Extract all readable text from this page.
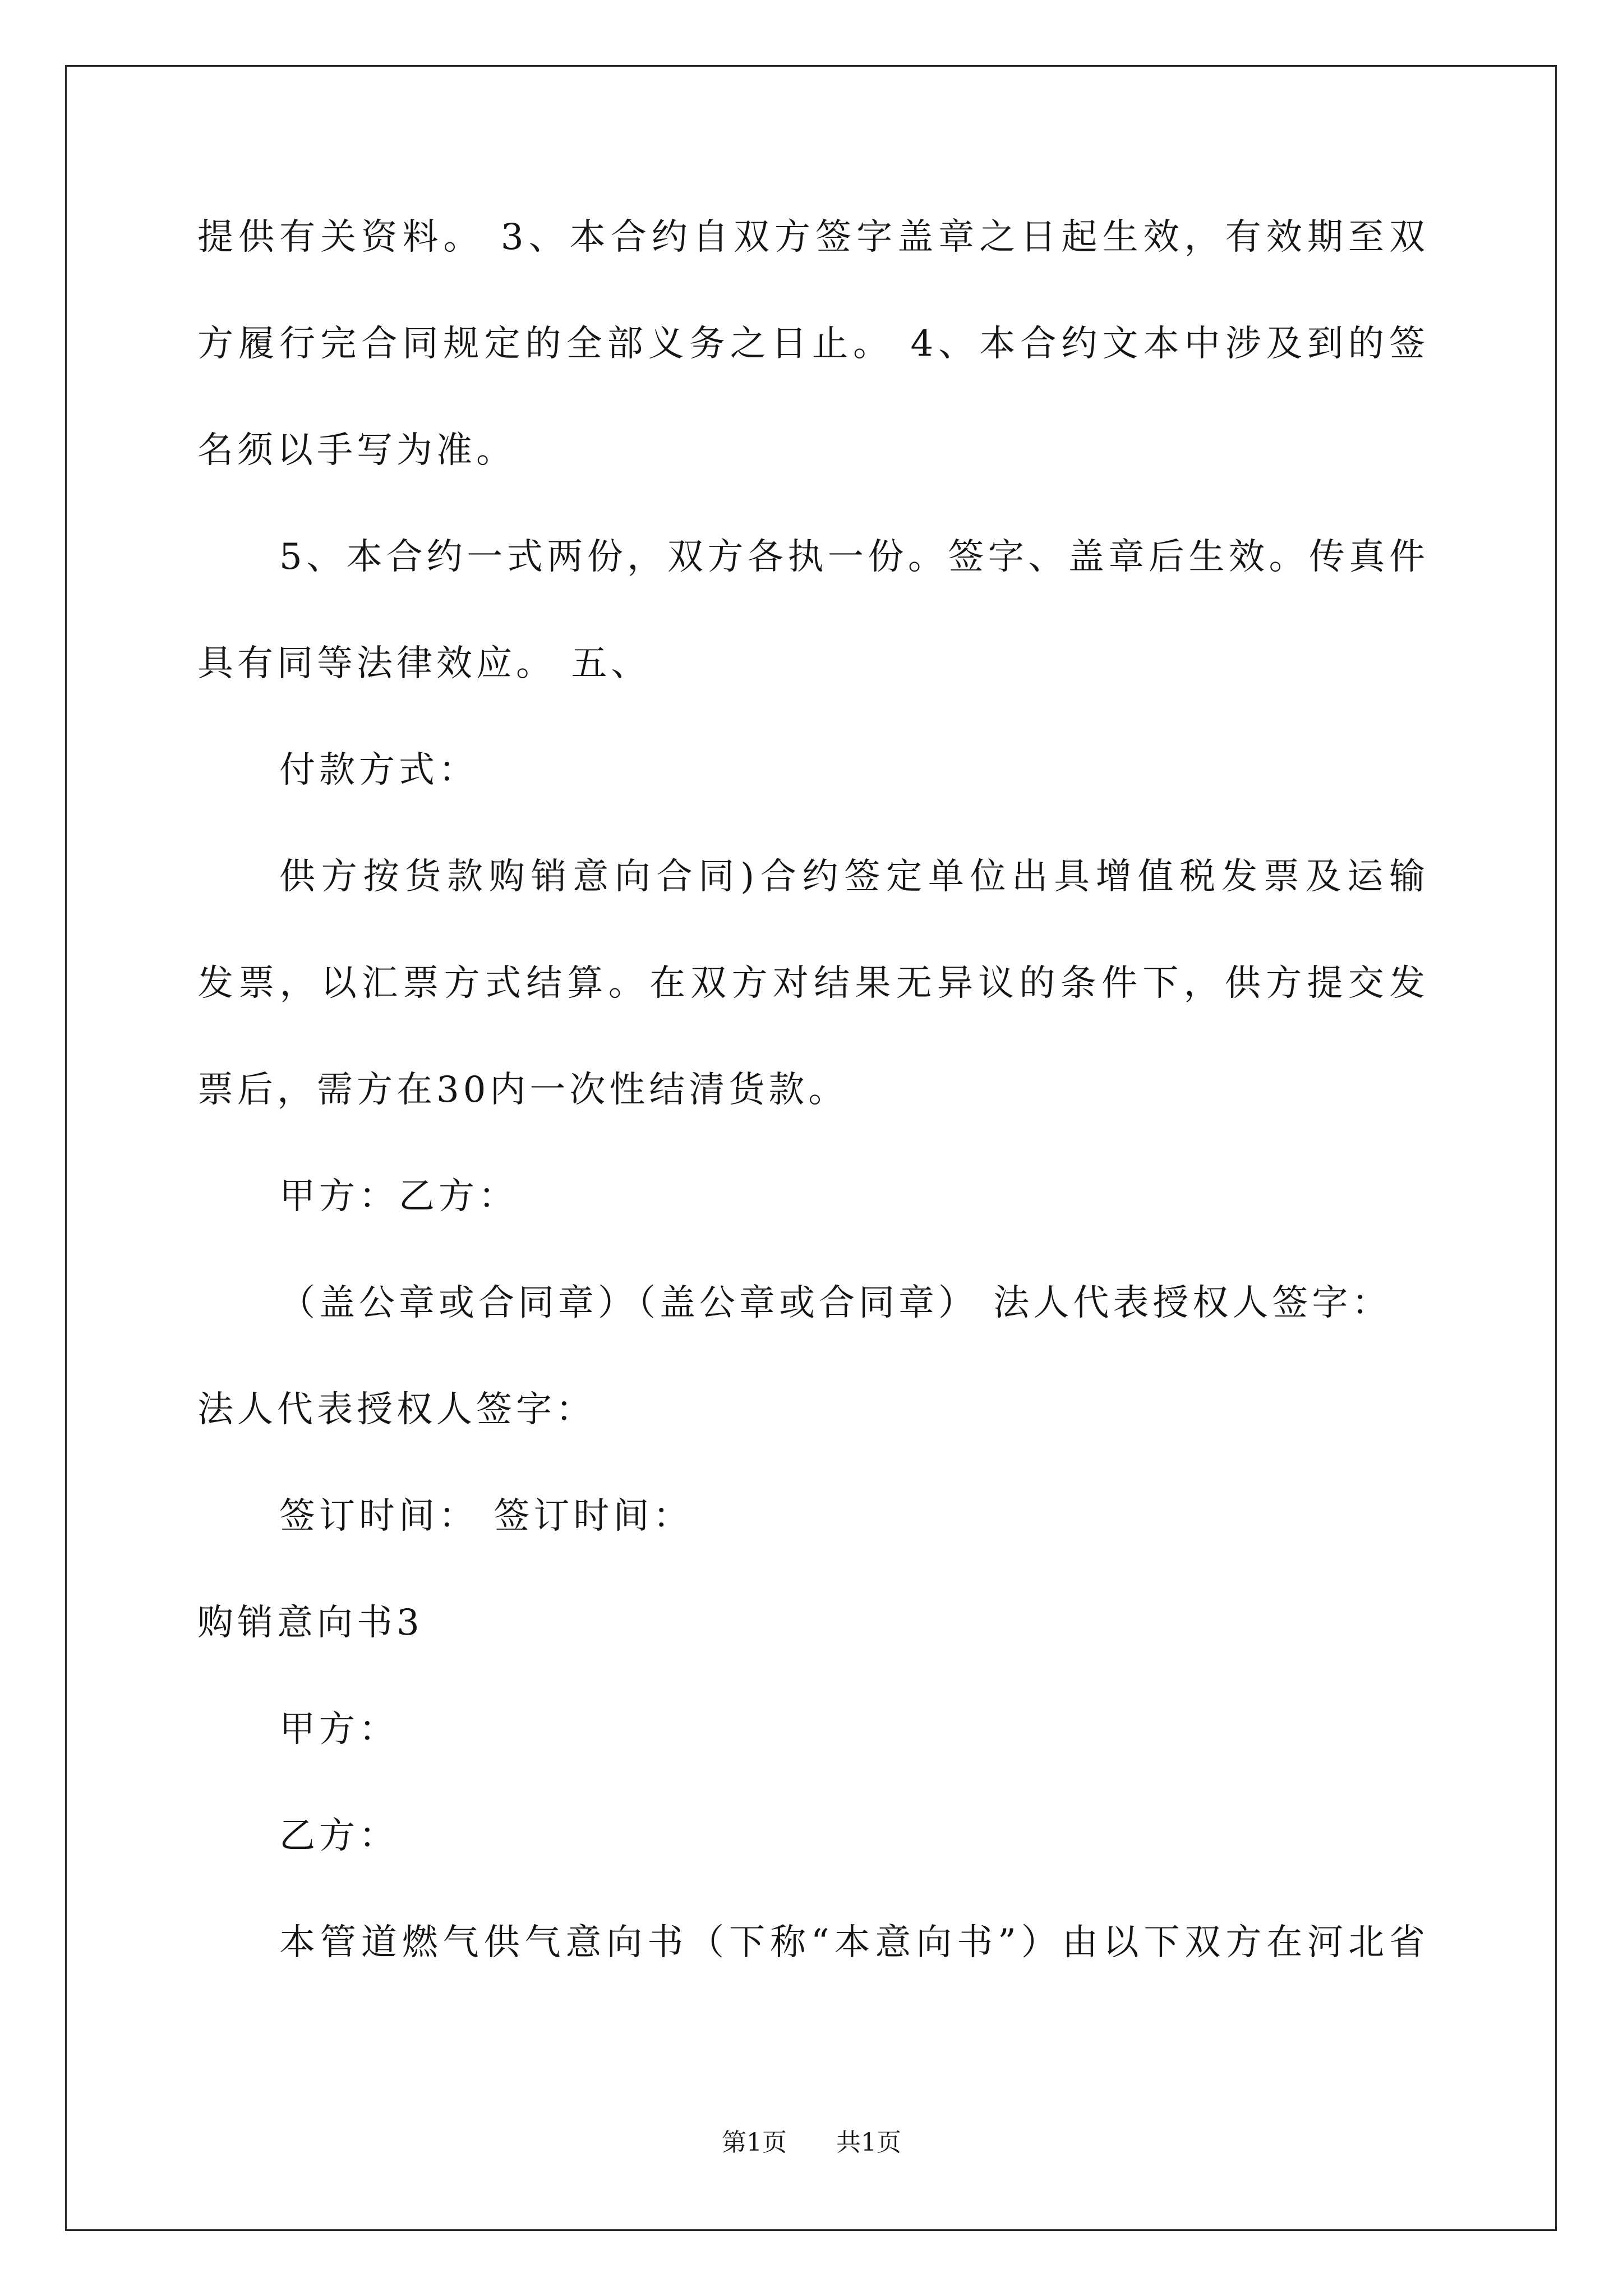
提供有关资料。 3、本合约自双方签字盖章之日起生效，有效期至双
方履行完合同规定的全部义务之日止。 4、本合约文本中涉及到的签
名须以手写为准。
5、本合约一式两份，双方各执一份。签字、盖章后生效。传真件
具有同等法律效应。 五、
付款方式：
供方按货款购销意向合同)合约签定单位出具增值税发票及运输
发票，以汇票方式结算。在双方对结果无异议的条件下，供方提交发
票后，需方在30内一次性结清货款。
甲方：乙方：
（盖公章或合同章）（盖公章或合同章） 法人代表授权人签字：
法人代表授权人签字：
签订时间： 签订时间：
购销意向书3
甲方：
乙方：
本管道燃气供气意向书（下称“本意向书”）由以下双方在河北省
第1页 共1页
